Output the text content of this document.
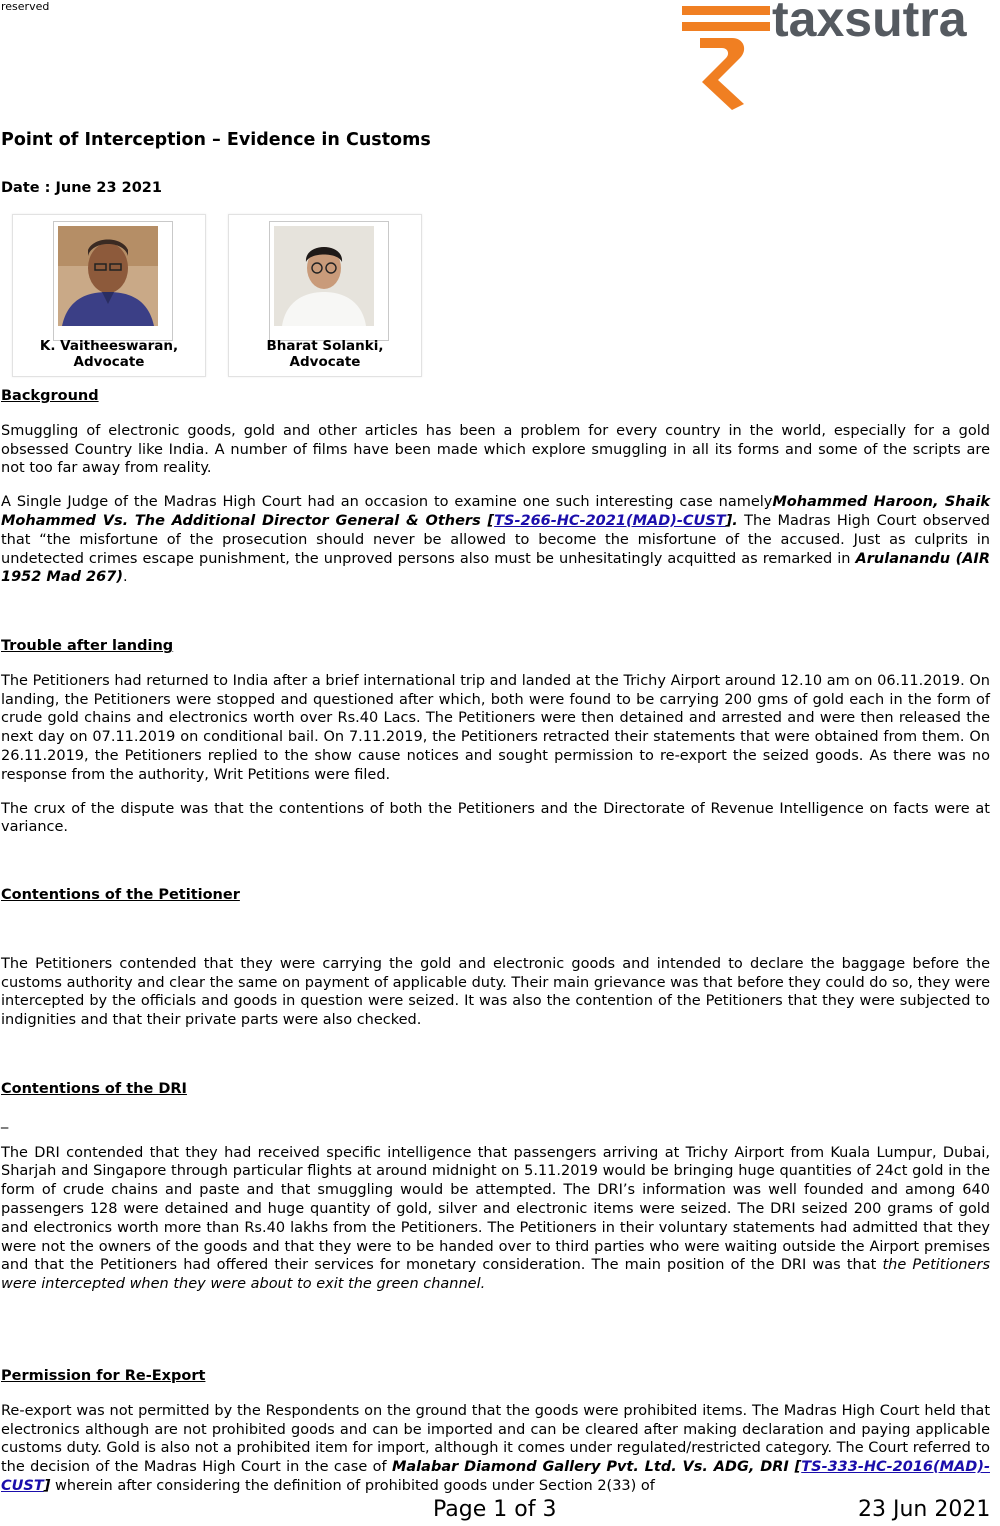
reserved	taxsutra
Point of Interception – Evidence in Customs
Date : June 23 2021
K. Vaitheeswaran,
Advocate
Bharat Solanki,
Advocate
Background

Smuggling of electronic goods, gold and other articles has been a problem for every country in the world, especially for a gold obsessed Country like India. A number of films have been made which explore smuggling in all its forms and some of the scripts are not too far away from reality.

A Single Judge of the Madras High Court had an occasion to examine one such interesting case namelyMohammed Haroon, Shaik Mohammed Vs. The Additional Director General & Others [TS-266-HC-2021(MAD)-CUST]. The Madras High Court observed that “the misfortune of the prosecution should never be allowed to become the misfortune of the accused. Just as culprits in undetected crimes escape punishment, the unproved persons also must be unhesitatingly acquitted as remarked in Arulanandu (AIR 1952 Mad 267).

Trouble after landing

The Petitioners had returned to India after a brief international trip and landed at the Trichy Airport around 12.10 am on 06.11.2019. On landing, the Petitioners were stopped and questioned after which, both were found to be carrying 200 gms of gold each in the form of crude gold chains and electronics worth over Rs.40 Lacs. The Petitioners were then detained and arrested and were then released the next day on 07.11.2019 on conditional bail. On 7.11.2019, the Petitioners retracted their statements that were obtained from them. On 26.11.2019, the Petitioners replied to the show cause notices and sought permission to re-export the seized goods. As there was no response from the authority, Writ Petitions were filed.

The crux of the dispute was that the contentions of both the Petitioners and the Directorate of Revenue Intelligence on facts were at variance.

Contentions of the Petitioner

The Petitioners contended that they were carrying the gold and electronic goods and intended to declare the baggage before the customs authority and clear the same on payment of applicable duty. Their main grievance was that before they could do so, they were intercepted by the officials and goods in question were seized. It was also the contention of the Petitioners that they were subjected to indignities and that their private parts were also checked.

Contentions of the DRI
_

The DRI contended that they had received specific intelligence that passengers arriving at Trichy Airport from Kuala Lumpur, Dubai, Sharjah and Singapore through particular flights at around midnight on 5.11.2019 would be bringing huge quantities of 24ct gold in the form of crude chains and paste and that smuggling would be attempted. The DRI’s information was well founded and among 640 passengers 128 were detained and huge quantity of gold, silver and electronic items were seized. The DRI seized 200 grams of gold and electronics worth more than Rs.40 lakhs from the Petitioners. The Petitioners in their voluntary statements had admitted that they were not the owners of the goods and that they were to be handed over to third parties who were waiting outside the Airport premises and that the Petitioners had offered their services for monetary consideration. The main position of the DRI was that the Petitioners were intercepted when they were about to exit the green channel.

Permission for Re-Export

Re-export was not permitted by the Respondents on the ground that the goods were prohibited items. The Madras High Court held that electronics although are not prohibited goods and can be imported and can be cleared after making declaration and paying applicable customs duty. Gold is also not a prohibited item for import, although it comes under regulated/restricted category. The Court referred to the decision of the Madras High Court in the case of Malabar Diamond Gallery Pvt. Ltd. Vs. ADG, DRI [TS-333-HC-2016(MAD)-CUST] wherein after considering the definition of prohibited goods under Section 2(33) of

Page 1 of 3	23 Jun 2021
